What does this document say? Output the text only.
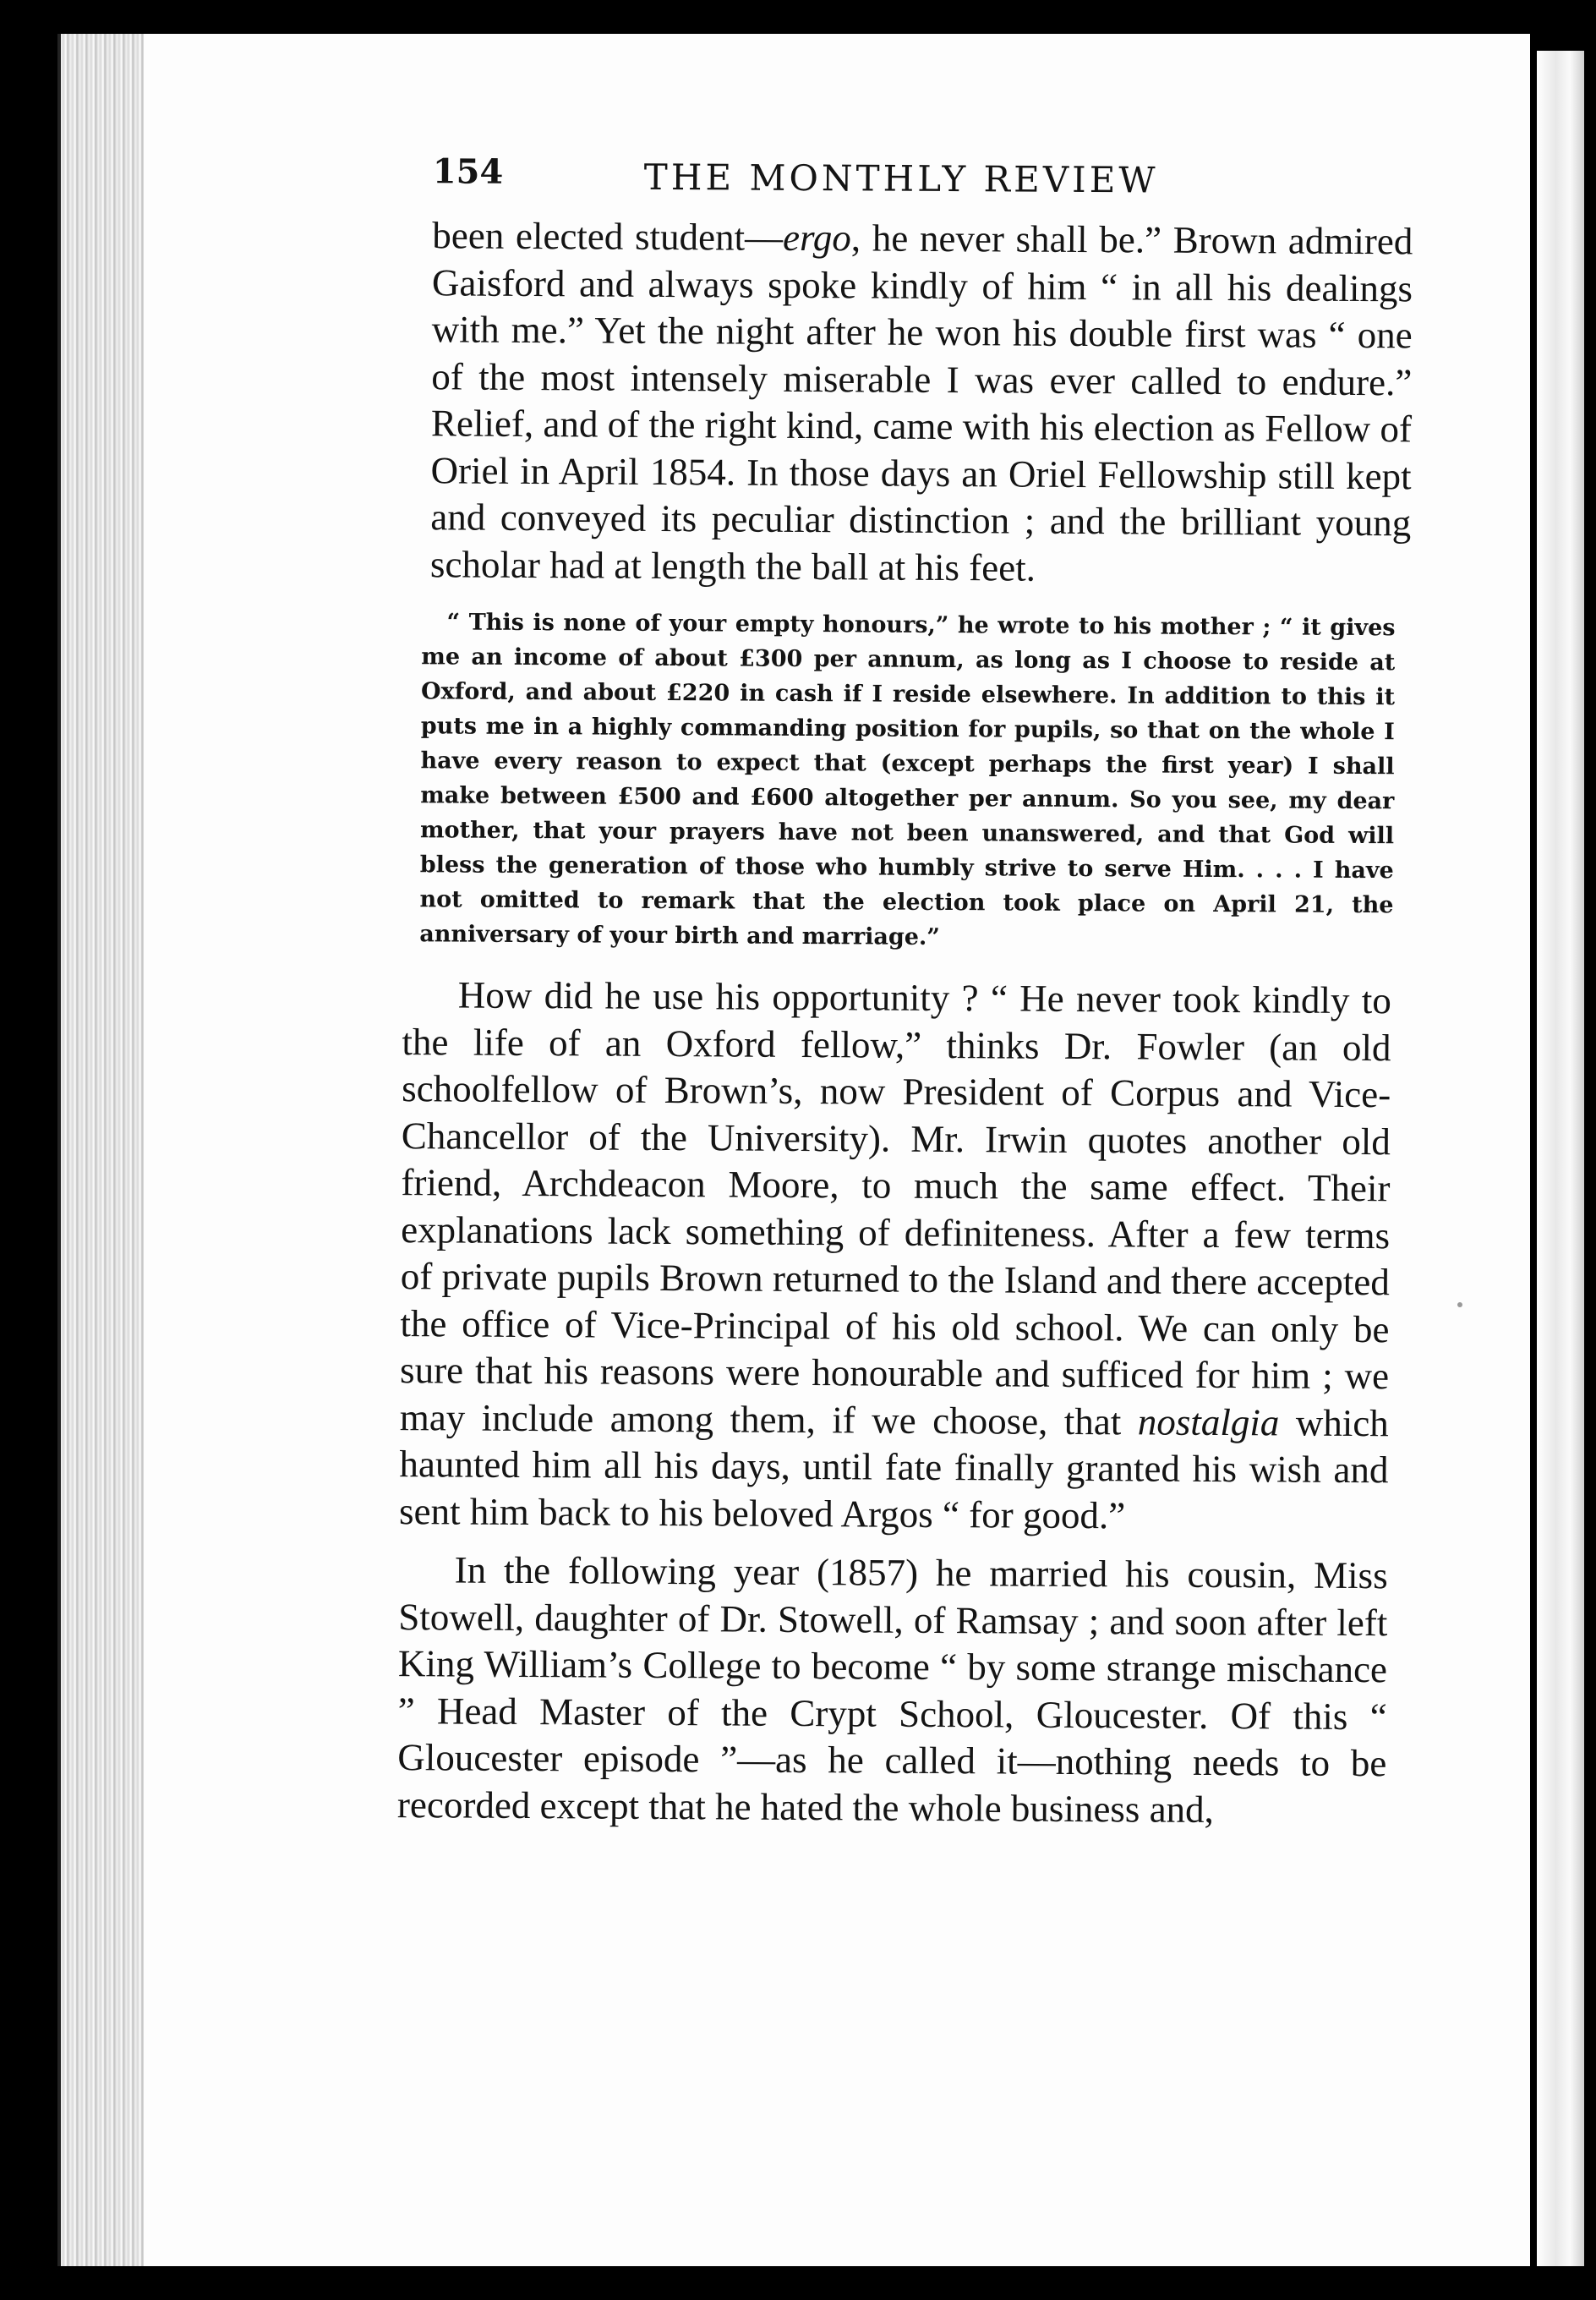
154	THE MONTHLY REVIEW

been elected student—ergo, he never shall be.” Brown admired Gaisford and always spoke kindly of him “ in all his dealings with me.” Yet the night after he won his double first was “ one of the most intensely miserable I was ever called to endure.” Relief, and of the right kind, came with his election as Fellow of Oriel in April 1854. In those days an Oriel Fellowship still kept and conveyed its peculiar distinction ; and the brilliant young scholar had at length the ball at his feet.

“ This is none of your empty honours,” he wrote to his mother ; “ it gives me an income of about £300 per annum, as long as I choose to reside at Oxford, and about £220 in cash if I reside elsewhere. In addition to this it puts me in a highly commanding position for pupils, so that on the whole I have every reason to expect that (except perhaps the first year) I shall make between £500 and £600 altogether per annum. So you see, my dear mother, that your prayers have not been unanswered, and that God will bless the generation of those who humbly strive to serve Him. . . . I have not omitted to remark that the election took place on April 21, the anniversary of your birth and marriage.”

How did he use his opportunity ? “ He never took kindly to the life of an Oxford fellow,” thinks Dr. Fowler (an old schoolfellow of Brown’s, now President of Corpus and Vice-Chancellor of the University). Mr. Irwin quotes another old friend, Archdeacon Moore, to much the same effect. Their explanations lack something of definiteness. After a few terms of private pupils Brown returned to the Island and there accepted the office of Vice-Principal of his old school. We can only be sure that his reasons were honourable and sufficed for him ; we may include among them, if we choose, that nostalgia which haunted him all his days, until fate finally granted his wish and sent him back to his beloved Argos “ for good.”

In the following year (1857) he married his cousin, Miss Stowell, daughter of Dr. Stowell, of Ramsay ; and soon after left King William’s College to become “ by some strange mischance ” Head Master of the Crypt School, Gloucester. Of this “ Gloucester episode ”—as he called it—nothing needs to be recorded except that he hated the whole business and,
